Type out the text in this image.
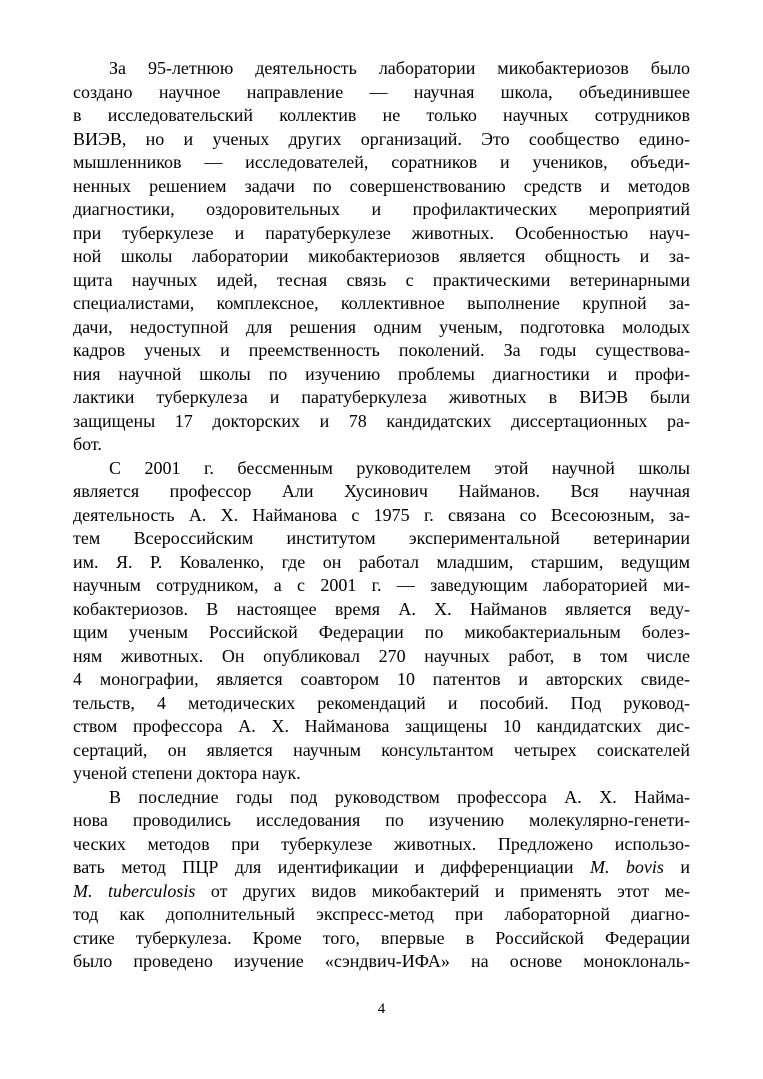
За 95-летнюю деятельность лаборатории микобактериозов было
создано научное направление — научная школа, объединившее
в исследовательский коллектив не только научных сотрудников
ВИЭВ, но и ученых других организаций. Это сообщество едино-
мышленников — исследователей, соратников и учеников, объеди-
ненных решением задачи по совершенствованию средств и методов
диагностики, оздоровительных и профилактических мероприятий
при туберкулезе и паратуберкулезе животных. Особенностью науч-
ной школы лаборатории микобактериозов является общность и за-
щита научных идей, тесная связь с практическими ветеринарными
специалистами, комплексное, коллективное выполнение крупной за-
дачи, недоступной для решения одним ученым, подготовка молодых
кадров ученых и преемственность поколений. За годы существова-
ния научной школы по изучению проблемы диагностики и профи-
лактики туберкулеза и паратуберкулеза животных в ВИЭВ были
защищены 17 докторских и 78 кандидатских диссертационных ра-
бот.
С 2001 г. бессменным руководителем этой научной школы
является профессор Али Хусинович Найманов. Вся научная
деятельность А. Х. Найманова с 1975 г. связана со Всесоюзным, за-
тем Всероссийским институтом экспериментальной ветеринарии
им. Я. Р. Коваленко, где он работал младшим, старшим, ведущим
научным сотрудником, а с 2001 г. — заведующим лабораторией ми-
кобактериозов. В настоящее время А. Х. Найманов является веду-
щим ученым Российской Федерации по микобактериальным болез-
ням животных. Он опубликовал 270 научных работ, в том числе
4 монографии, является соавтором 10 патентов и авторских свиде-
тельств, 4 методических рекомендаций и пособий. Под руковод-
ством профессора А. Х. Найманова защищены 10 кандидатских дис-
сертаций, он является научным консультантом четырех соискателей
ученой степени доктора наук.
В последние годы под руководством профессора А. Х. Найма-
нова проводились исследования по изучению молекулярно-генети-
ческих методов при туберкулезе животных. Предложено использо-
вать метод ПЦР для идентификации и дифференциации M. bovis и
M. tuberculosis от других видов микобактерий и применять этот ме-
тод как дополнительный экспресс-метод при лабораторной диагно-
стике туберкулеза. Кроме того, впервые в Российской Федерации
было проведено изучение «сэндвич-ИФА» на основе моноклональ-
4
